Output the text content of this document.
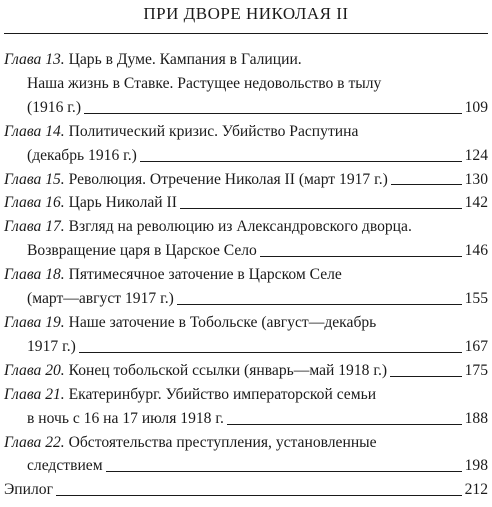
ПРИ ДВОРЕ НИКОЛАЯ II
Глава 13.
Царь в Думе. Кампания в Галиции.
Наша жизнь в Ставке. Растущее недовольство в тылу
(1916 г.)	109
Глава 14.
Политический кризис. Убийство Распутина
(декабрь 1916 г.)	124
Глава 15.
Революция. Отречение Николая II (март 1917 г.)	130
Глава 16.
Царь Николай II	142
Глава 17.
Взгляд на революцию из Александровского дворца.
Возвращение царя в Царское Село	146
Глава 18.
Пятимесячное заточение в Царском Селе
(март—август 1917 г.)	155
Глава 19.
Наше заточение в Тобольске (август—декабрь
1917 г.)	167
Глава 20.
Конец тобольской ссылки (январь—май 1918 г.)	175
Глава 21.
Екатеринбург. Убийство императорской семьи
в ночь с 16 на 17 июля 1918 г.	188
Глава 22.
Обстоятельства преступления, установленные
следствием	198
Эпилог	212
